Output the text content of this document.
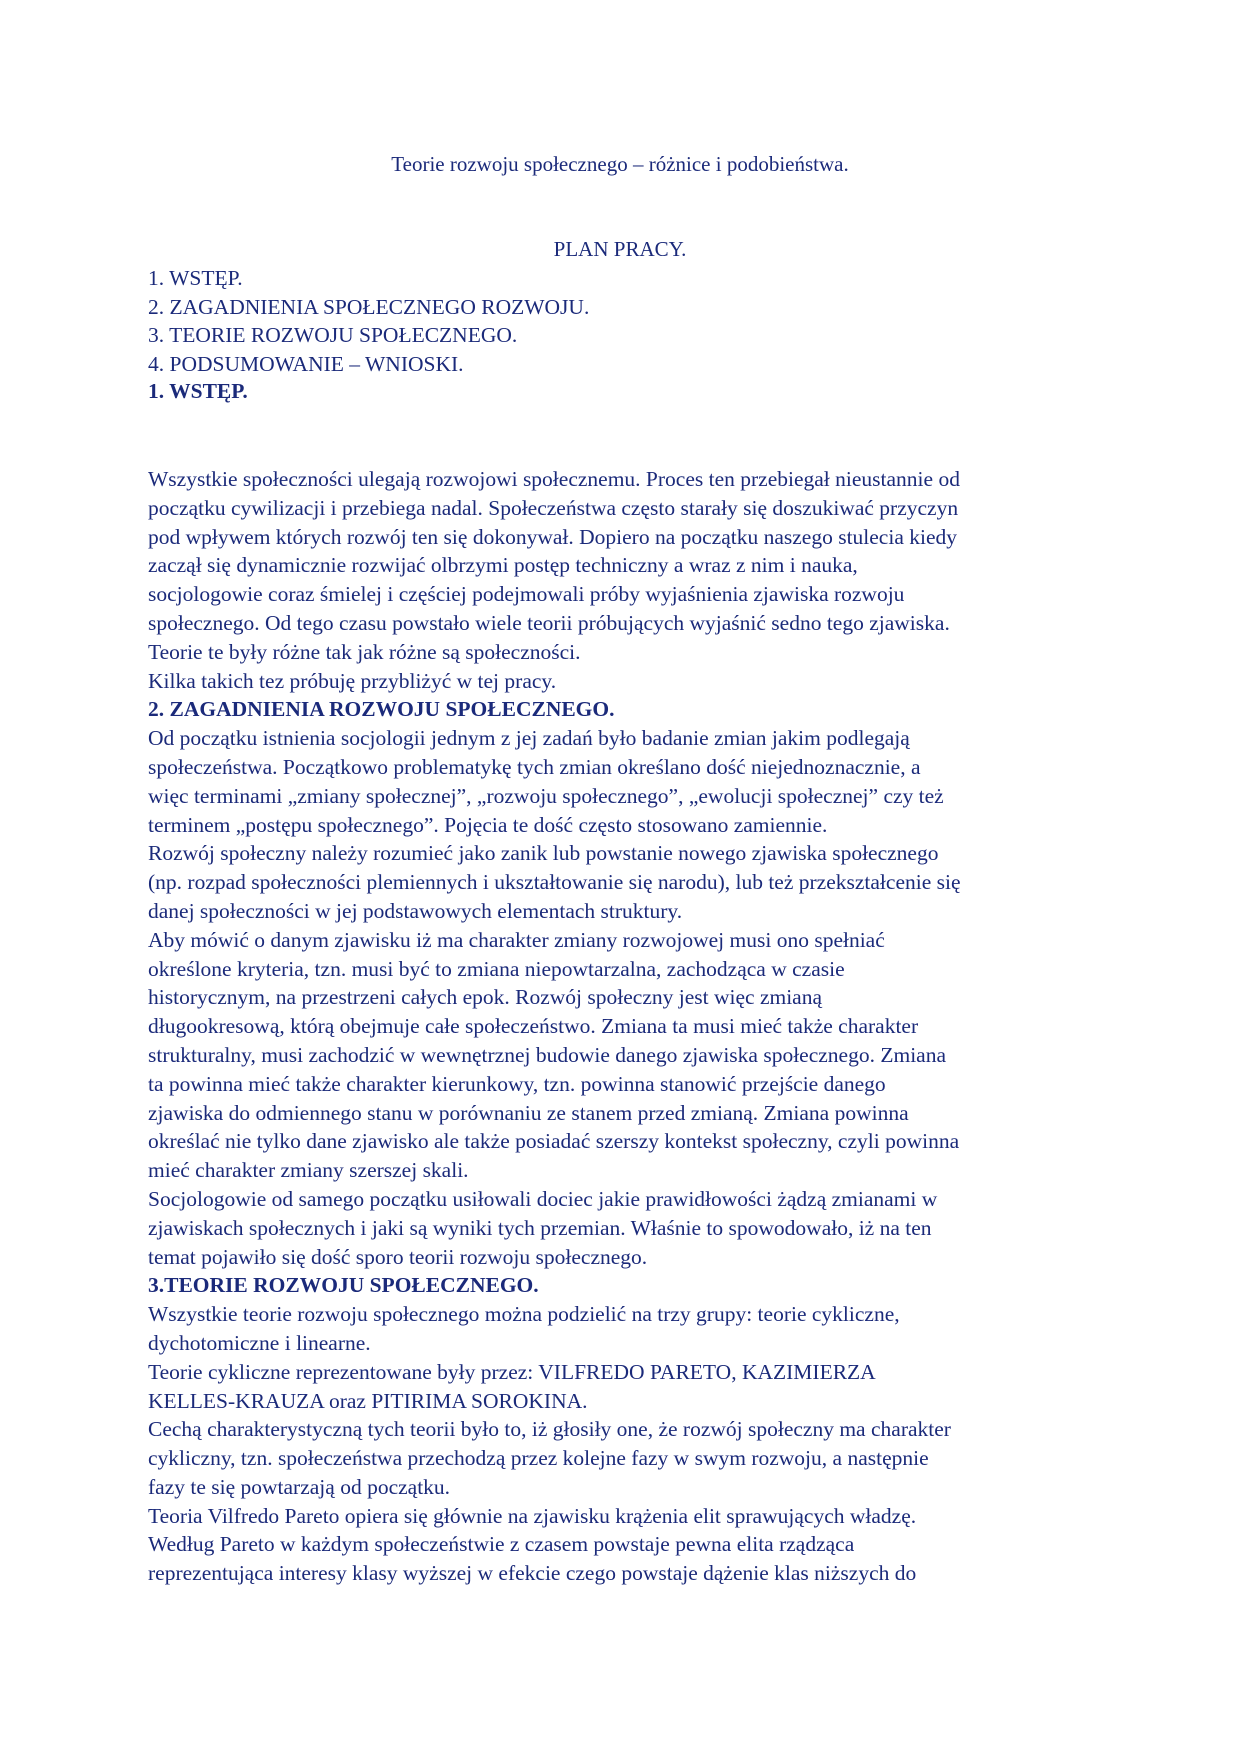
Teorie rozwoju społecznego – różnice i podobieństwa.
PLAN PRACY.
1. WSTĘP.
2. ZAGADNIENIA SPOŁECZNEGO ROZWOJU.
3. TEORIE ROZWOJU SPOŁECZNEGO.
4. PODSUMOWANIE – WNIOSKI.
1. WSTĘP.
Wszystkie społeczności ulegają rozwojowi społecznemu. Proces ten przebiegał nieustannie od
początku cywilizacji i przebiega nadal. Społeczeństwa często starały się doszukiwać przyczyn
pod wpływem których rozwój ten się dokonywał. Dopiero na początku naszego stulecia kiedy
zaczął się dynamicznie rozwijać olbrzymi postęp techniczny a wraz z nim i nauka,
socjologowie coraz śmielej i częściej podejmowali próby wyjaśnienia zjawiska rozwoju
społecznego. Od tego czasu powstało wiele teorii próbujących wyjaśnić sedno tego zjawiska.
Teorie te były różne tak jak różne są społeczności.
Kilka takich tez próbuję przybliżyć w tej pracy.
2. ZAGADNIENIA ROZWOJU SPOŁECZNEGO.
Od początku istnienia socjologii jednym z jej zadań było badanie zmian jakim podlegają
społeczeństwa. Początkowo problematykę tych zmian określano dość niejednoznacznie, a
więc terminami „zmiany społecznej”, „rozwoju społecznego”, „ewolucji społecznej” czy też
terminem „postępu społecznego”. Pojęcia te dość często stosowano zamiennie.
Rozwój społeczny należy rozumieć jako zanik lub powstanie nowego zjawiska społecznego
(np. rozpad społeczności plemiennych i ukształtowanie się narodu), lub też przekształcenie się
danej społeczności w jej podstawowych elementach struktury.
Aby mówić o danym zjawisku iż ma charakter zmiany rozwojowej musi ono spełniać
określone kryteria, tzn. musi być to zmiana niepowtarzalna, zachodząca w czasie
historycznym, na przestrzeni całych epok. Rozwój społeczny jest więc zmianą
długookresową, którą obejmuje całe społeczeństwo. Zmiana ta musi mieć także charakter
strukturalny, musi zachodzić w wewnętrznej budowie danego zjawiska społecznego. Zmiana
ta powinna mieć także charakter kierunkowy, tzn. powinna stanowić przejście danego
zjawiska do odmiennego stanu w porównaniu ze stanem przed zmianą. Zmiana powinna
określać nie tylko dane zjawisko ale także posiadać szerszy kontekst społeczny, czyli powinna
mieć charakter zmiany szerszej skali.
Socjologowie od samego początku usiłowali dociec jakie prawidłowości żądzą zmianami w
zjawiskach społecznych i jaki są wyniki tych przemian. Właśnie to spowodowało, iż na ten
temat pojawiło się dość sporo teorii rozwoju społecznego.
3.TEORIE ROZWOJU SPOŁECZNEGO.
Wszystkie teorie rozwoju społecznego można podzielić na trzy grupy: teorie cykliczne,
dychotomiczne i linearne.
Teorie cykliczne reprezentowane były przez: VILFREDO PARETO, KAZIMIERZA
KELLES-KRAUZA oraz PITIRIMA SOROKINA.
Cechą charakterystyczną tych teorii było to, iż głosiły one, że rozwój społeczny ma charakter
cykliczny, tzn. społeczeństwa przechodzą przez kolejne fazy w swym rozwoju, a następnie
fazy te się powtarzają od początku.
Teoria Vilfredo Pareto opiera się głównie na zjawisku krążenia elit sprawujących władzę.
Według Pareto w każdym społeczeństwie z czasem powstaje pewna elita rządząca
reprezentująca interesy klasy wyższej w efekcie czego powstaje dążenie klas niższych do
